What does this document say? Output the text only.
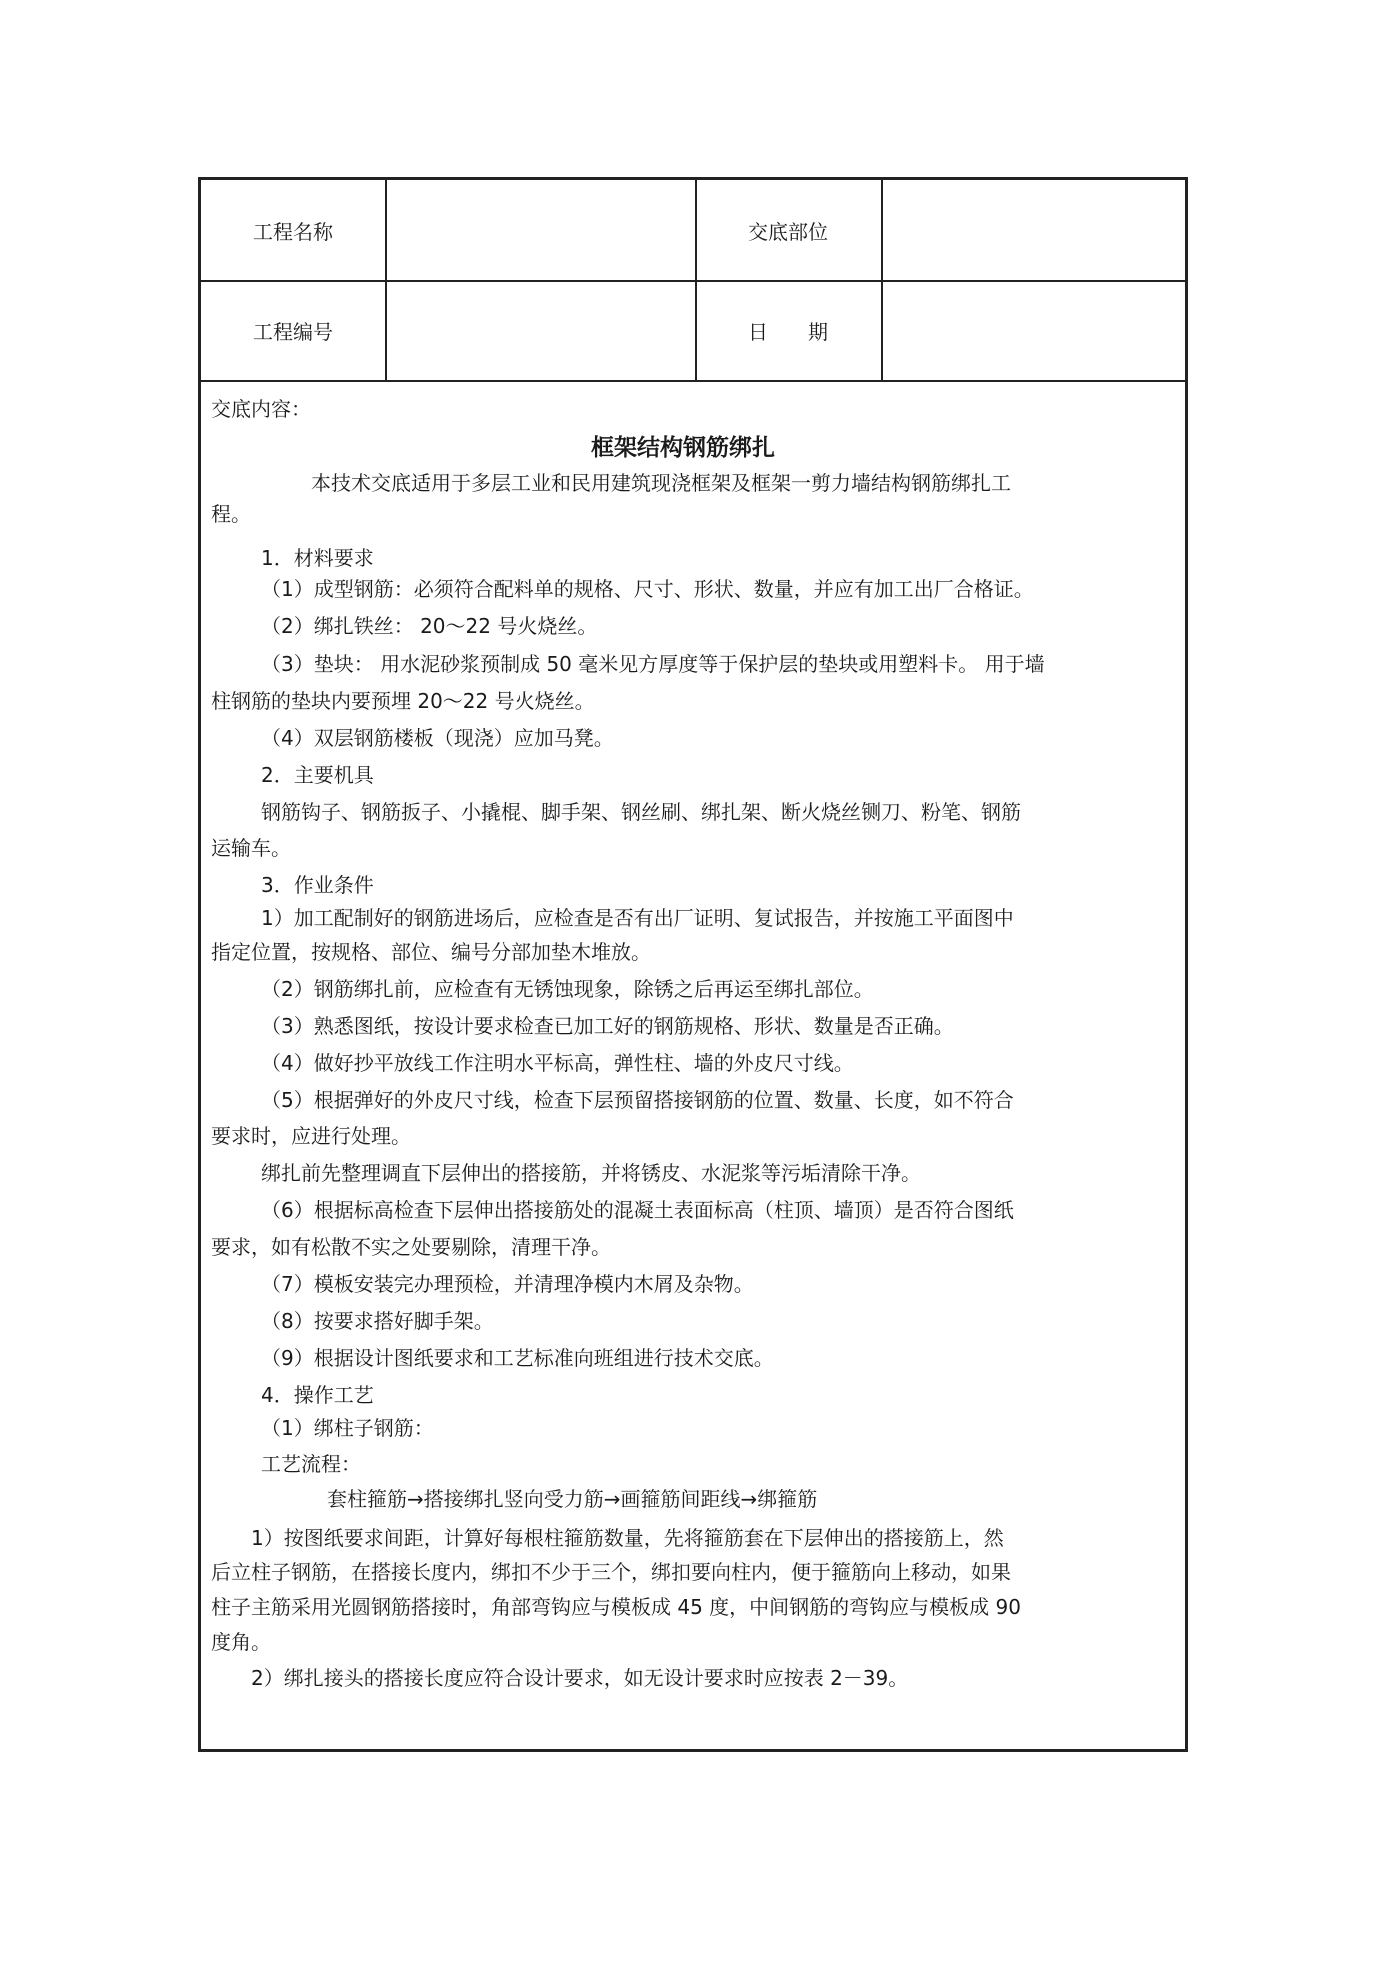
工程名称	交底部位
工程编号	日期
交底内容：
框架结构钢筋绑扎
本技术交底适用于多层工业和民用建筑现浇框架及框架一剪力墙结构钢筋绑扎工
程。
1．材料要求
（1）成型钢筋：必须符合配料单的规格、尺寸、形状、数量，并应有加工出厂合格证。
（2）绑扎铁丝： 20～22 号火烧丝。
（3）垫块： 用水泥砂浆预制成 50 毫米见方厚度等于保护层的垫块或用塑料卡。 用于墙
柱钢筋的垫块内要预埋 20～22 号火烧丝。
（4）双层钢筋楼板（现浇）应加马凳。
2．主要机具
钢筋钩子、钢筋扳子、小撬棍、脚手架、钢丝刷、绑扎架、断火烧丝铡刀、粉笔、钢筋
运输车。
3．作业条件
1）加工配制好的钢筋进场后，应检查是否有出厂证明、复试报告，并按施工平面图中
指定位置，按规格、部位、编号分部加垫木堆放。
（2）钢筋绑扎前，应检查有无锈蚀现象，除锈之后再运至绑扎部位。
（3）熟悉图纸，按设计要求检查已加工好的钢筋规格、形状、数量是否正确。
（4）做好抄平放线工作注明水平标高，弹性柱、墙的外皮尺寸线。
（5）根据弹好的外皮尺寸线，检查下层预留搭接钢筋的位置、数量、长度，如不符合
要求时，应进行处理。
绑扎前先整理调直下层伸出的搭接筋，并将锈皮、水泥浆等污垢清除干净。
（6）根据标高检查下层伸出搭接筋处的混凝土表面标高（柱顶、墙顶）是否符合图纸
要求，如有松散不实之处要剔除，清理干净。
（7）模板安装完办理预检，并清理净模内木屑及杂物。
（8）按要求搭好脚手架。
（9）根据设计图纸要求和工艺标准向班组进行技术交底。
4．操作工艺
（1）绑柱子钢筋：
工艺流程：
套柱箍筋→搭接绑扎竖向受力筋→画箍筋间距线→绑箍筋
1）按图纸要求间距，计算好每根柱箍筋数量，先将箍筋套在下层伸出的搭接筋上，然
后立柱子钢筋，在搭接长度内，绑扣不少于三个，绑扣要向柱内，便于箍筋向上移动，如果
柱子主筋采用光圆钢筋搭接时，角部弯钩应与模板成 45 度，中间钢筋的弯钩应与模板成 90
度角。
2）绑扎接头的搭接长度应符合设计要求，如无设计要求时应按表 2－39。
